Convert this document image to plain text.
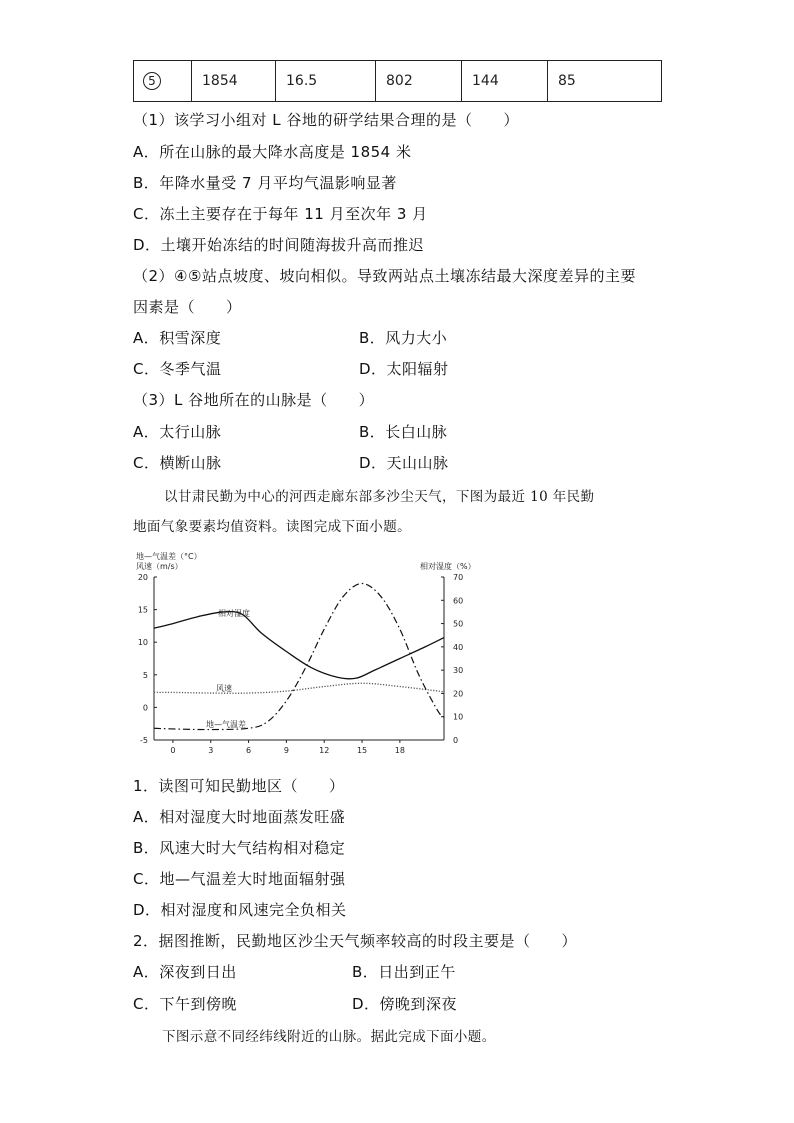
5	1854	16.5	802	144	85
（1）该学习小组对 L 谷地的研学结果合理的是（　　）
A．所在山脉的最大降水高度是 1854 米
B．年降水量受 7 月平均气温影响显著
C．冻土主要存在于每年 11 月至次年 3 月
D．土壤开始冻结的时间随海拔升高而推迟
（2）④⑤站点坡度、坡向相似。导致两站点土壤冻结最大深度差异的主要
因素是（　　）
A．积雪深度	B．风力大小
C．冬季气温	D．太阳辐射
（3）L 谷地所在的山脉是（　　）
A．太行山脉	B．长白山脉
C．横断山脉	D．天山山脉
以甘肃民勤为中心的河西走廊东部多沙尘天气，下图为最近 10 年民勤
地面气象要素均值资料。读图完成下面小题。
地—气温差（°C）
风速（m/s）	相对湿度（%）
20
15
10
5
0
-5
70
60
50
40
30
20
10
0
0	3	6	9	12	15	18
相对湿度
风速
地—气温差
1．读图可知民勤地区（　　）
A．相对湿度大时地面蒸发旺盛
B．风速大时大气结构相对稳定
C．地—气温差大时地面辐射强
D．相对湿度和风速完全负相关
2．据图推断，民勤地区沙尘天气频率较高的时段主要是（　　）
A．深夜到日出	B．日出到正午
C．下午到傍晚	D．傍晚到深夜
下图示意不同经纬线附近的山脉。据此完成下面小题。
